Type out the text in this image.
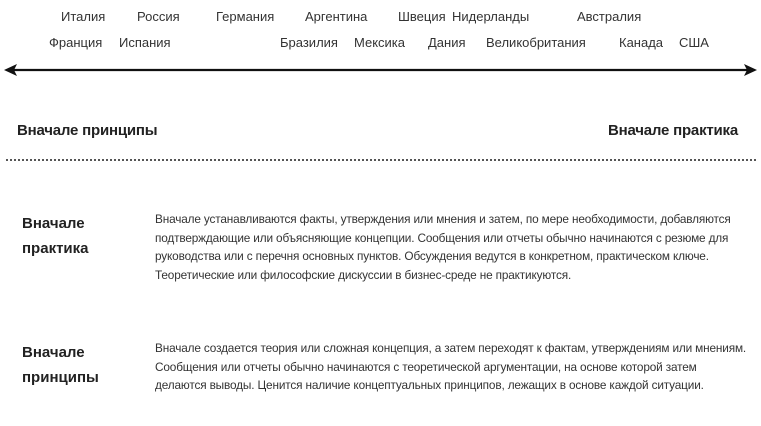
Италия Россия	Германия Аргентина Швеция Нидерланды	Австралия
Франция Испания	Бразилия Мексика Дания Великобритания	Канада США
Вначале принципы	Вначале практика
Вначале практика
Вначале устанавливаются факты, утверждения или мнения и затем, по мере необходимости, добавляются подтверждающие или объясняющие концепции. Сообщения или отчеты обычно начинаются с резюме для руководства или с перечня основных пунктов. Обсуждения ведутся в конкретном, практическом ключе. Теоретические или философские дискуссии в бизнес-среде не практикуются.
Вначале принципы
Вначале создается теория или сложная концепция, а затем переходят к фактам, утверждениям или мнениям. Сообщения или отчеты обычно начинаются с теоретической аргументации, на основе которой затем делаются выводы. Ценится наличие концептуальных принципов, лежащих в основе каждой ситуации.
